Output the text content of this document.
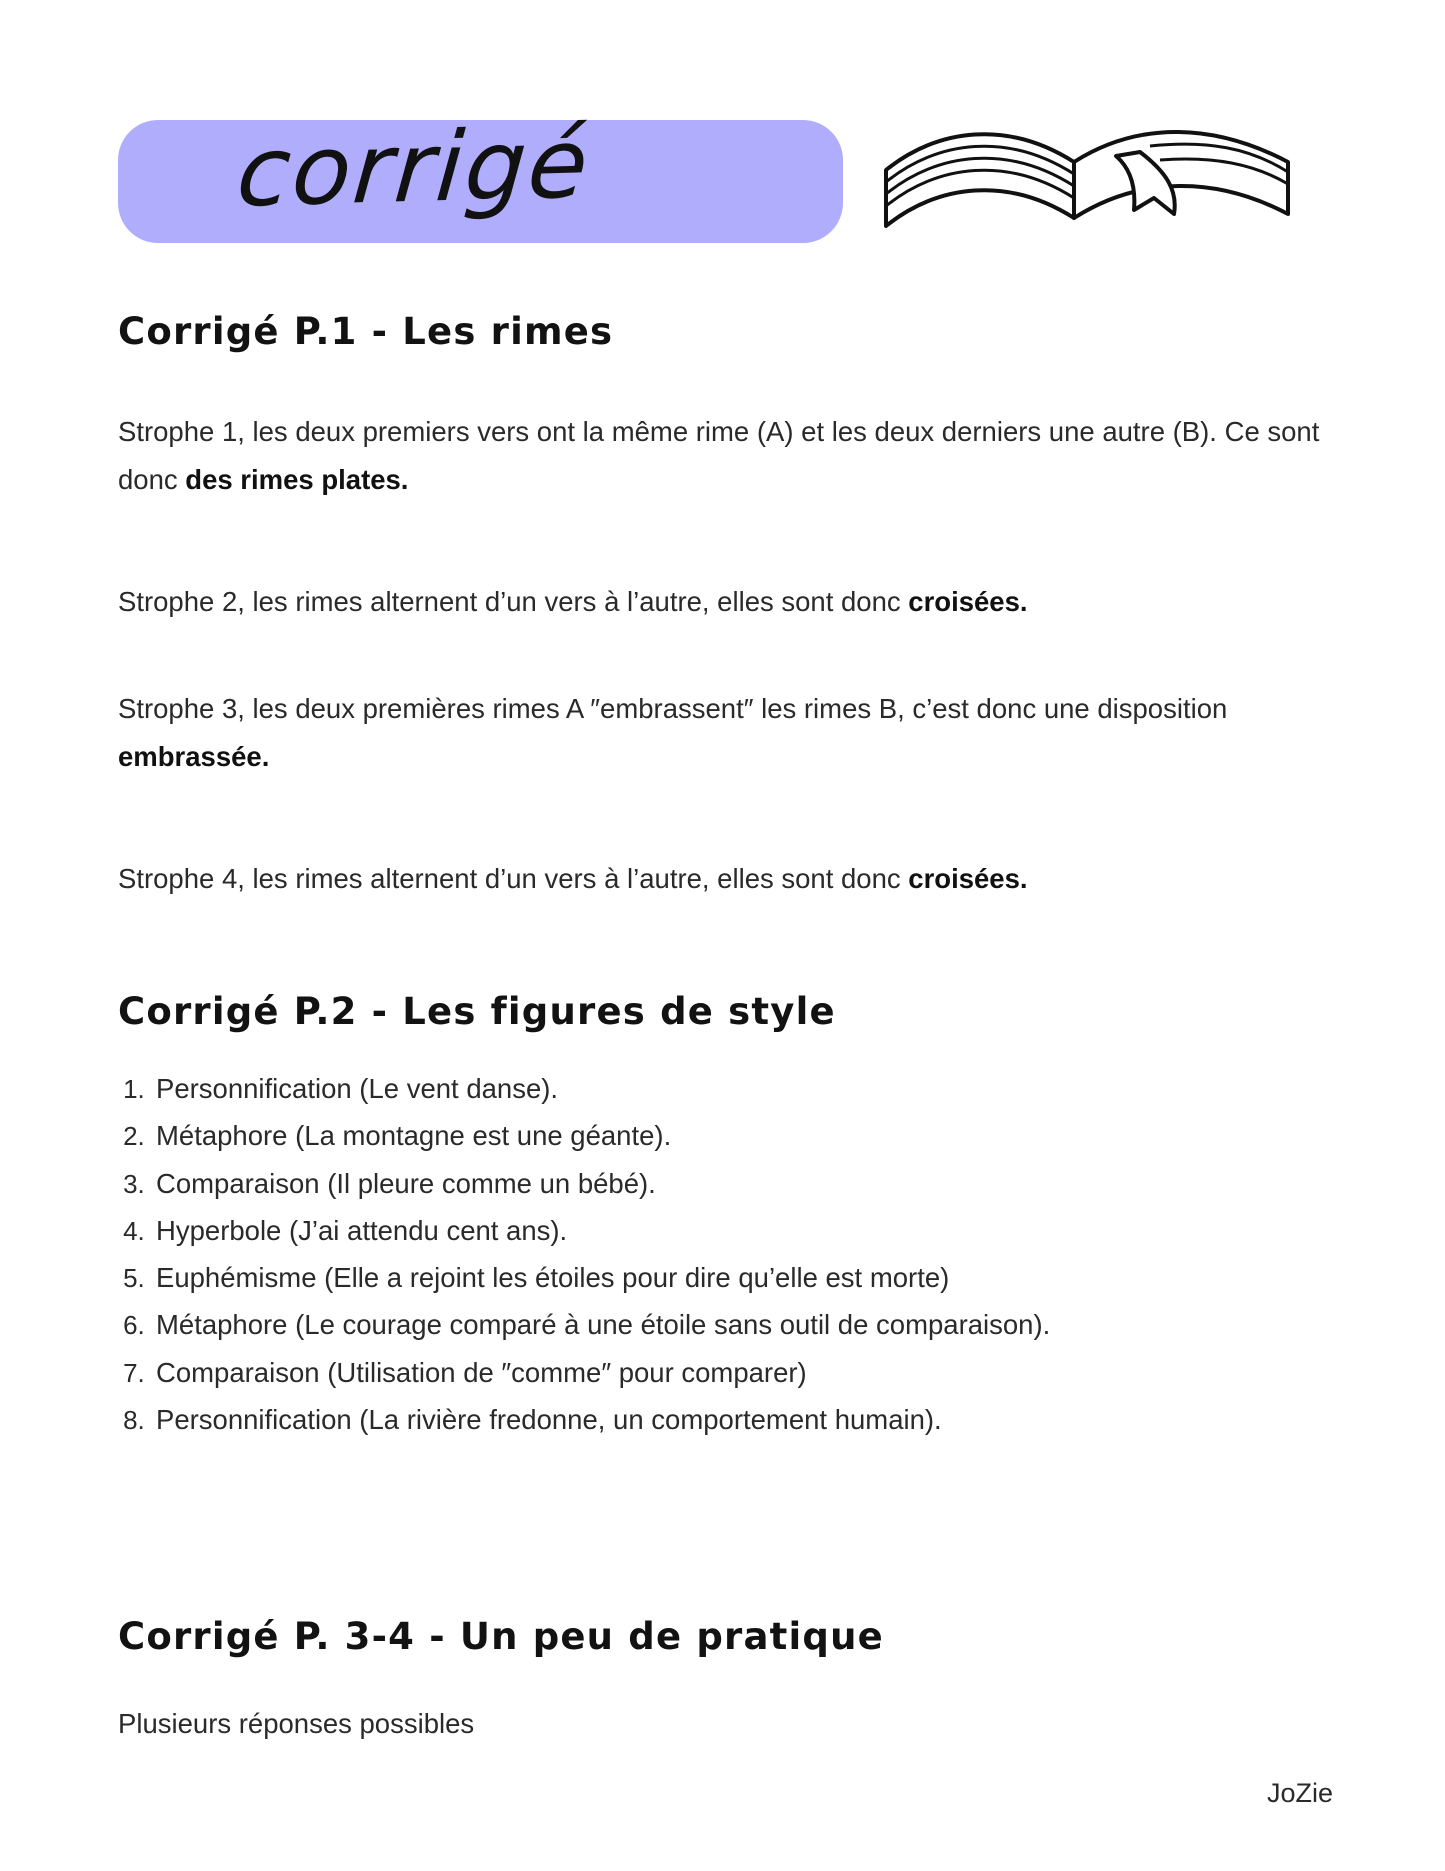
corrigé
Corrigé P.1 - Les rimes

Strophe 1, les deux premiers vers ont la même rime (A) et les deux derniers une autre (B). Ce sont donc des rimes plates.

Strophe 2, les rimes alternent d’un vers à l’autre, elles sont donc croisées.

Strophe 3, les deux premières rimes A ″embrassent″ les rimes B, c’est donc une disposition embrassée.

Strophe 4, les rimes alternent d’un vers à l’autre, elles sont donc croisées.

Corrigé P.2 - Les figures de style
1. Personnification (Le vent danse).
2. Métaphore (La montagne est une géante).
3. Comparaison (Il pleure comme un bébé).
4. Hyperbole (J’ai attendu cent ans).
5. Euphémisme (Elle a rejoint les étoiles pour dire qu’elle est morte)
6. Métaphore (Le courage comparé à une étoile sans outil de comparaison).
7. Comparaison (Utilisation de ″comme″ pour comparer)
8. Personnification (La rivière fredonne, un comportement humain).
Corrigé P. 3-4 - Un peu de pratique

Plusieurs réponses possibles

JoZie
